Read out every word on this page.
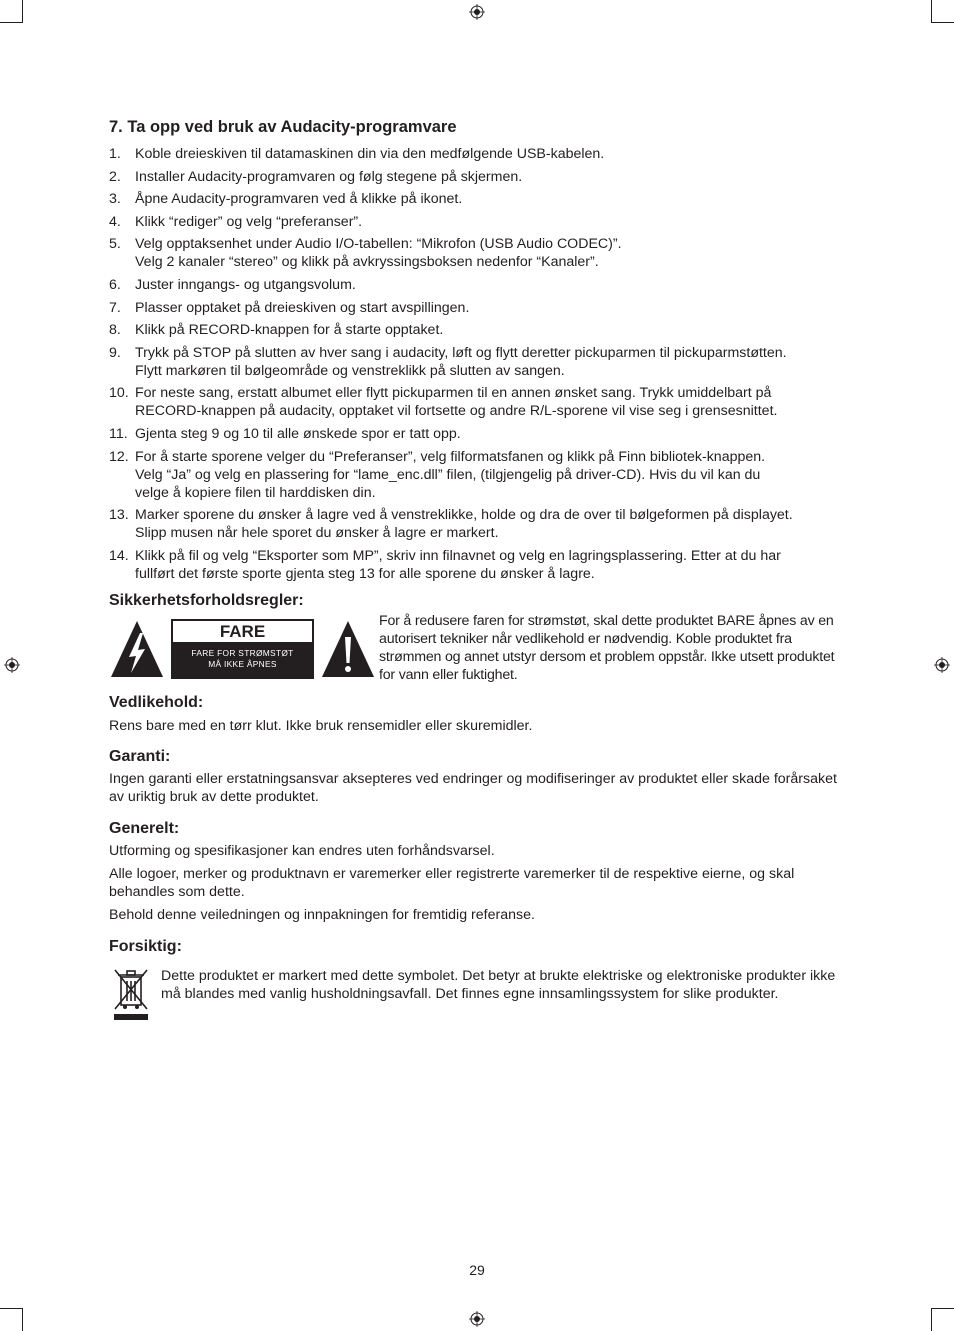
7. Ta opp ved bruk av Audacity-programvare
1. Koble dreieskiven til datamaskinen din via den medfølgende USB-kabelen.
2. Installer Audacity-programvaren og følg stegene på skjermen.
3. Åpne Audacity-programvaren ved å klikke på ikonet.
4. Klikk “rediger” og velg “preferanser”.
5. Velg opptaksenhet under Audio I/O-tabellen: “Mikrofon (USB Audio CODEC)”.
Velg 2 kanaler “stereo” og klikk på avkryssingsboksen nedenfor “Kanaler”.
6. Juster inngangs- og utgangsvolum.
7. Plasser opptaket på dreieskiven og start avspillingen.
8. Klikk på RECORD-knappen for å starte opptaket.
9. Trykk på STOP på slutten av hver sang i audacity, løft og flytt deretter pickuparmen til pickuparmstøtten.
Flytt markøren til bølgeområde og venstreklikk på slutten av sangen.
10. For neste sang, erstatt albumet eller flytt pickuparmen til en annen ønsket sang. Trykk umiddelbart på
RECORD-knappen på audacity, opptaket vil fortsette og andre R/L-sporene vil vise seg i grensesnittet.
11. Gjenta steg 9 og 10 til alle ønskede spor er tatt opp.
12. For å starte sporene velger du “Preferanser”, velg filformatsfanen og klikk på Finn bibliotek-knappen.
Velg “Ja” og velg en plassering for “lame_enc.dll” filen, (tilgjengelig på driver-CD). Hvis du vil kan du
velge å kopiere filen til harddisken din.
13. Marker sporene du ønsker å lagre ved å venstreklikke, holde og dra de over til bølgeformen på displayet.
Slipp musen når hele sporet du ønsker å lagre er markert.
14. Klikk på fil og velg “Eksporter som MP”, skriv inn filnavnet og velg en lagringsplassering. Etter at du har
fullført det første sporte gjenta steg 13 for alle sporene du ønsker å lagre.
Sikkerhetsforholdsregler:
FARE
FARE FOR STRØMSTØT
MÅ IKKE ÅPNES

For å redusere faren for strømstøt, skal dette produktet BARE åpnes av en autorisert tekniker når vedlikehold er nødvendig. Koble produktet fra strømmen og annet utstyr dersom et problem oppstår. Ikke utsett produktet for vann eller fuktighet.

Vedlikehold:

Rens bare med en tørr klut. Ikke bruk rensemidler eller skuremidler.

Garanti:

Ingen garanti eller erstatningsansvar aksepteres ved endringer og modifiseringer av produktet eller skade forårsaket av uriktig bruk av dette produktet.

Generelt:

Utforming og spesifikasjoner kan endres uten forhåndsvarsel.

Alle logoer, merker og produktnavn er varemerker eller registrerte varemerker til de respektive eierne, og skal behandles som dette.

Behold denne veiledningen og innpakningen for fremtidig referanse.

Forsiktig:

Dette produktet er markert med dette symbolet. Det betyr at brukte elektriske og elektroniske produkter ikke må blandes med vanlig husholdningsavfall. Det finnes egne innsamlingssystem for slike produkter.

29
